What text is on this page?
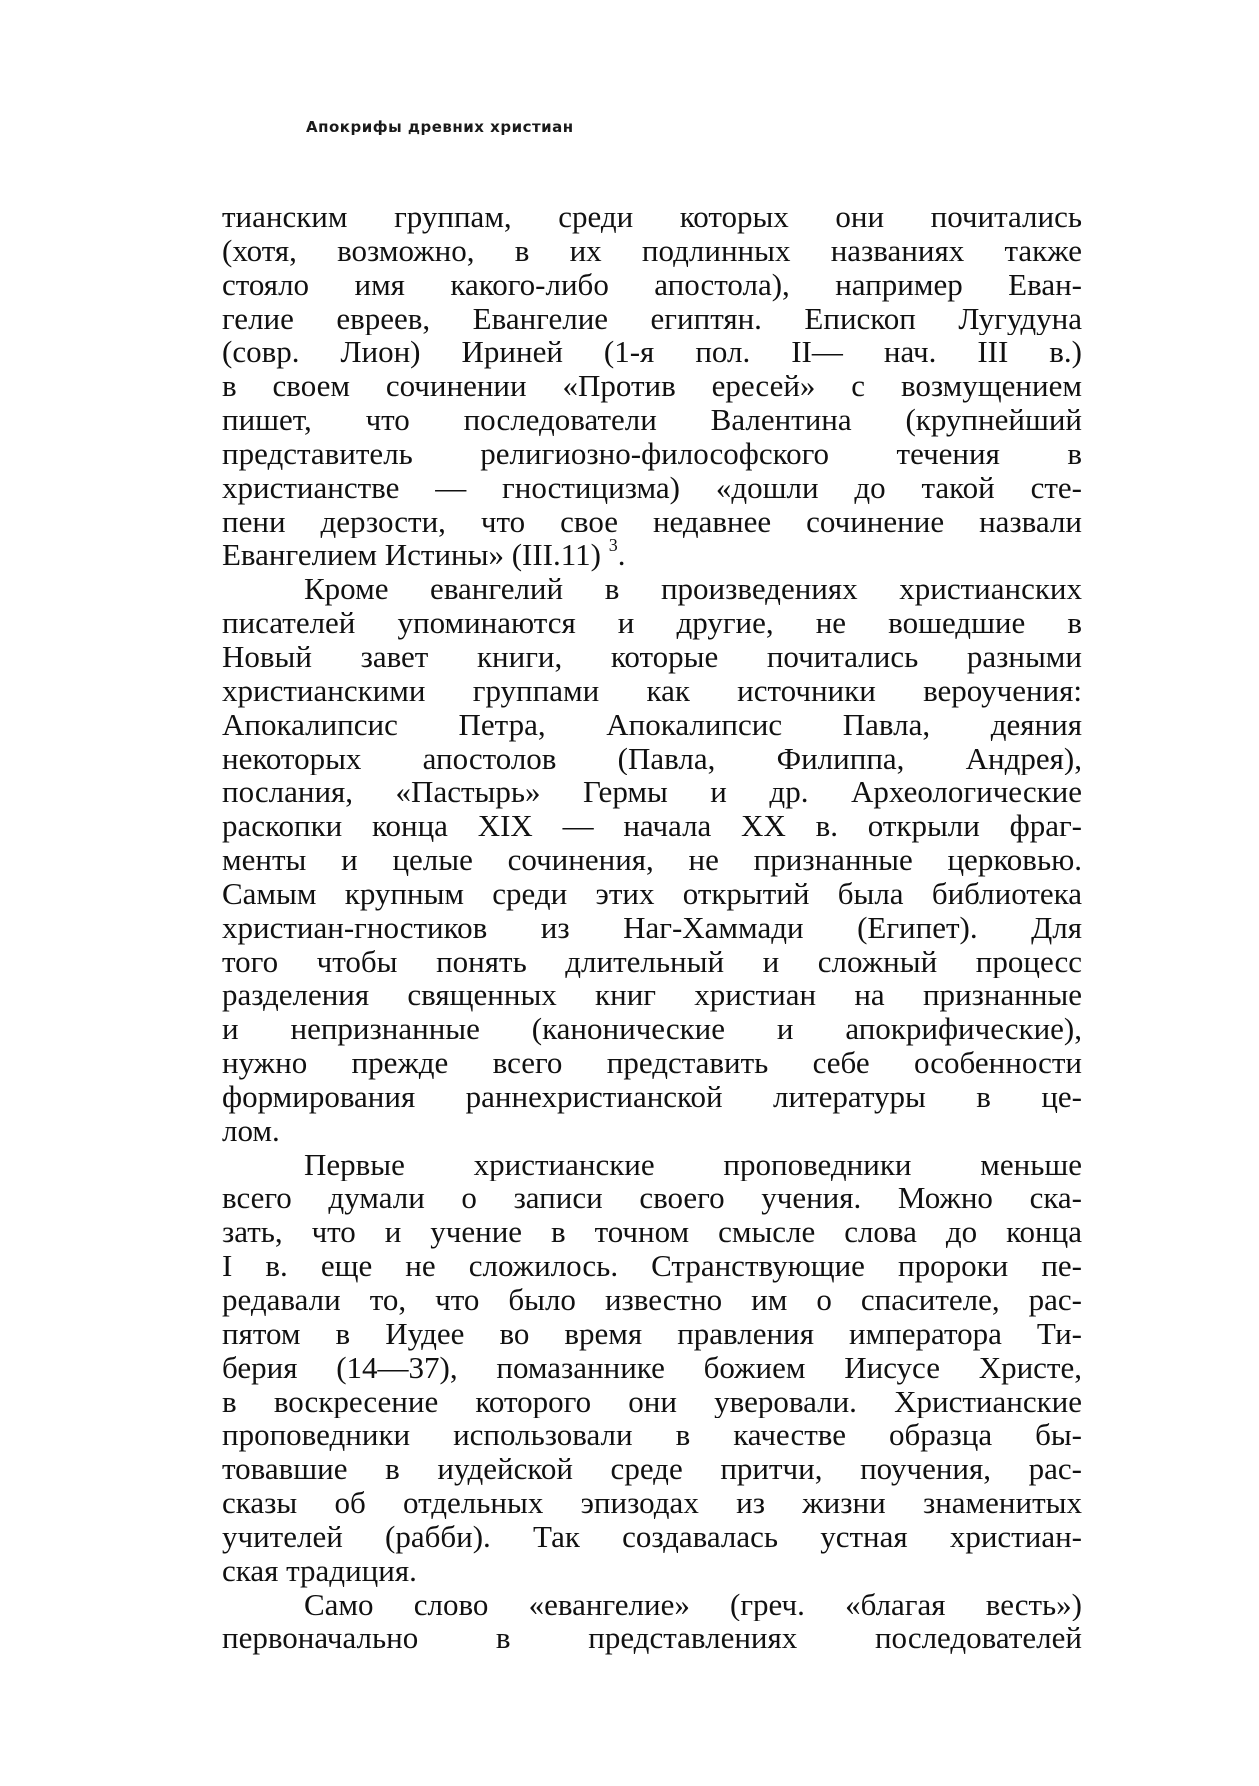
Апокрифы древних христиан
тианским группам, среди которых они почитались
(хотя, возможно, в их подлинных названиях также
стояло имя какого-либо апостола), например Еван-
гелие евреев, Евангелие египтян. Епископ Лугудуна
(совр. Лион) Ириней (1-я пол. II— нач. III в.)
в своем сочинении «Против ересей» с возмущением
пишет, что последователи Валентина (крупнейший
представитель религиозно-философского течения в
христианстве — гностицизма) «дошли до такой сте-
пени дерзости, что свое недавнее сочинение назвали
Евангелием Истины» (III.11) $^3$.
Кроме евангелий в произведениях христианских
писателей упоминаются и другие, не вошедшие в
Новый завет книги, которые почитались разными
христианскими группами как источники вероучения:
Апокалипсис Петра, Апокалипсис Павла, деяния
некоторых апостолов (Павла, Филиппа, Андрея),
послания, «Пастырь» Гермы и др. Археологические
раскопки конца XIX — начала XX в. открыли фраг-
менты и целые сочинения, не признанные церковью.
Самым крупным среди этих открытий была библиотека
христиан-гностиков из Наг-Хаммади (Египет). Для
того чтобы понять длительный и сложный процесс
разделения священных книг христиан на признанные
и непризнанные (канонические и апокрифические),
нужно прежде всего представить себе особенности
формирования раннехристианской литературы в це-
лом.
Первые христианские проповедники меньше
всего думали о записи своего учения. Можно ска-
зать, что и учение в точном смысле слова до конца
I в. еще не сложилось. Странствующие пророки пе-
редавали то, что было известно им о спасителе, рас-
пятом в Иудее во время правления императора Ти-
берия (14—37), помазаннике божием Иисусе Христе,
в воскресение которого они уверовали. Христианские
проповедники использовали в качестве образца бы-
товавшие в иудейской среде притчи, поучения, рас-
сказы об отдельных эпизодах из жизни знаменитых
учителей (рабби). Так создавалась устная христиан-
ская традиция.
Само слово «евангелие» (греч. «благая весть»)
первоначально в представлениях последователей
